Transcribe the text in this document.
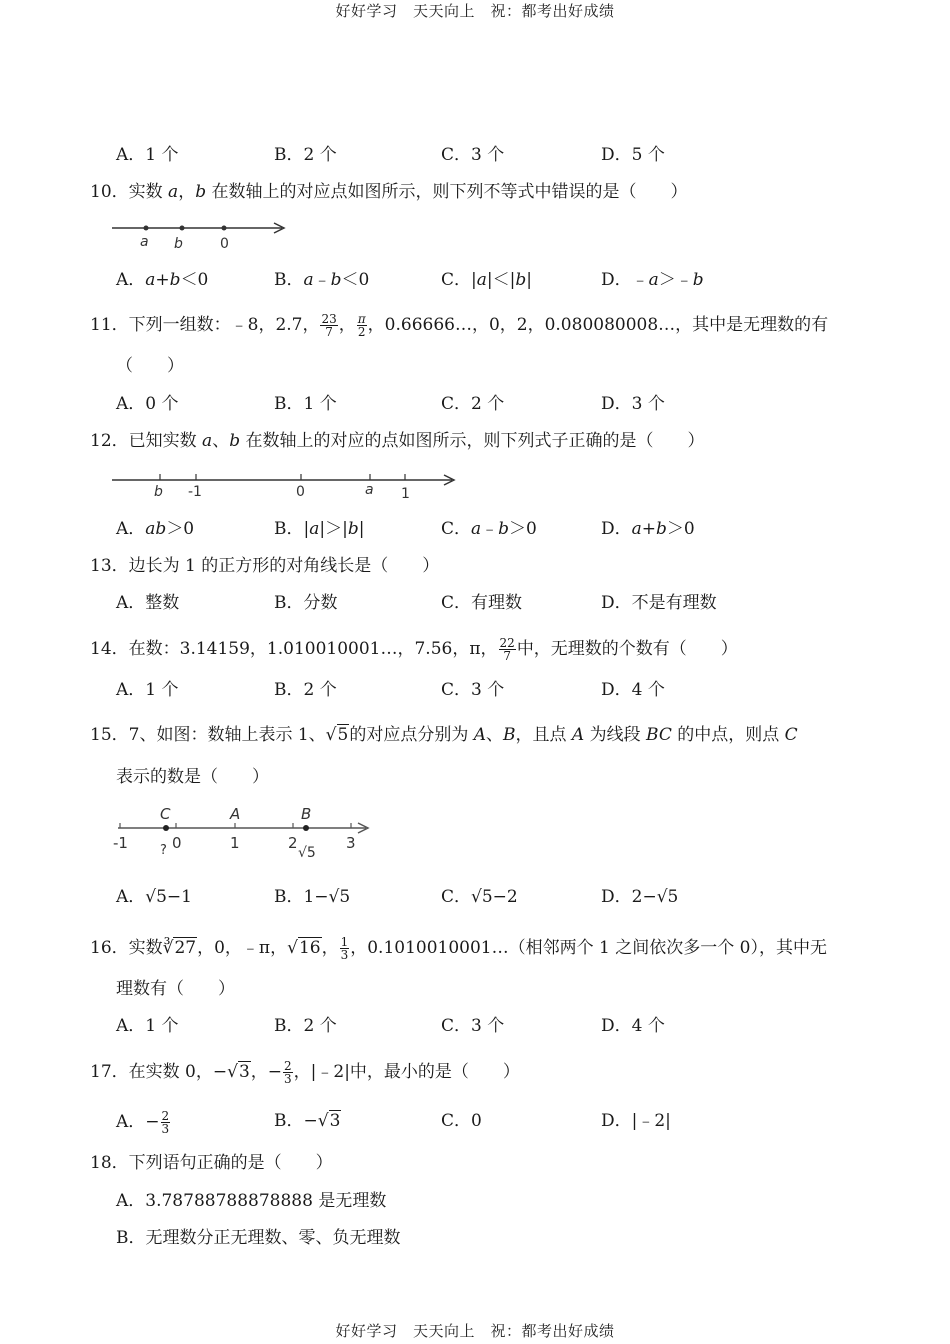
好好学习　天天向上　祝：都考出好成绩
A．1 个	B．2 个	C．3 个	D．5 个
10．实数 a，b 在数轴上的对应点如图所示，则下列不等式中错误的是（　　）
a b	0
A．a+b＜0	B．a﹣b＜0	C．|a|＜|b|	D．﹣a＞﹣b
11．下列一组数：﹣8，2.7， $\frac{23}{7}$ ， $\frac{\pi}{2}$ ，0.66666…，0，2，0.080080008…，其中是无理数的有
（　　）
A．0 个	B．1 个	C．2 个	D．3 个
12．已知实数 a、b 在数轴上的对应的点如图所示，则下列式子正确的是（　　）
b -1	0	a 1
A．ab＞0	B．|a|＞|b|	C．a﹣b＞0	D．a+b＞0
13．边长为 1 的正方形的对角线长是（　　）
A．整数	B．分数	C．有理数	D．不是有理数
14．在数：3.14159，1.010010001…，7.56，π， $\frac{22}{7}$ 中，无理数的个数有（　　）
A．1 个	B．2 个	C．3 个	D．4 个
15．7、如图：数轴上表示 1、√5的对应点分别为 A、B，且点 A 为线段 BC 的中点，则点 C
表示的数是（　　）
-1
C
0
?
A
1
B
2
√5
3
A．√5−1	B．1−√5	C．√5−2	D．2−√5
16．实数∛27，0，﹣π，√16， $\frac{1}{3}$ ，0.1010010001…（相邻两个 1 之间依次多一个 0），其中无
理数有（　　）
A．1 个	B．2 个	C．3 个	D．4 个
17．在实数 0，−√3，− $\frac{2}{3}$ ，|﹣2|中，最小的是（　　）
A．− $\frac{2}{3}$	B．−√3	C．0	D．|﹣2|
18．下列语句正确的是（　　）
A．3.78788788878888 是无理数
B．无理数分正无理数、零、负无理数
好好学习　天天向上　祝：都考出好成绩
